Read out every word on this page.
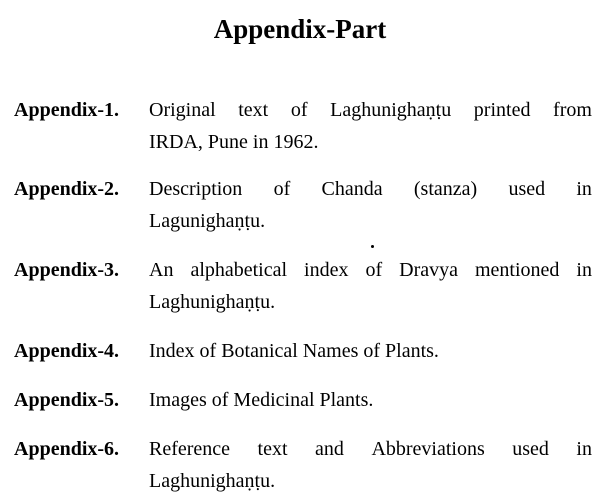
Appendix-Part
Appendix-1.	Original text of Laghunighaṇṭu printed from
IRDA, Pune in 1962.
Appendix-2.	Description of Chanda (stanza) used in
Lagunighaṇṭu.
Appendix-3.	An alphabetical index of Dravya mentioned in
Laghunighaṇṭu.
Appendix-4.	Index of Botanical Names of Plants.
Appendix-5.	Images of Medicinal Plants.
Appendix-6.	Reference text and Abbreviations used in
Laghunighaṇṭu.
